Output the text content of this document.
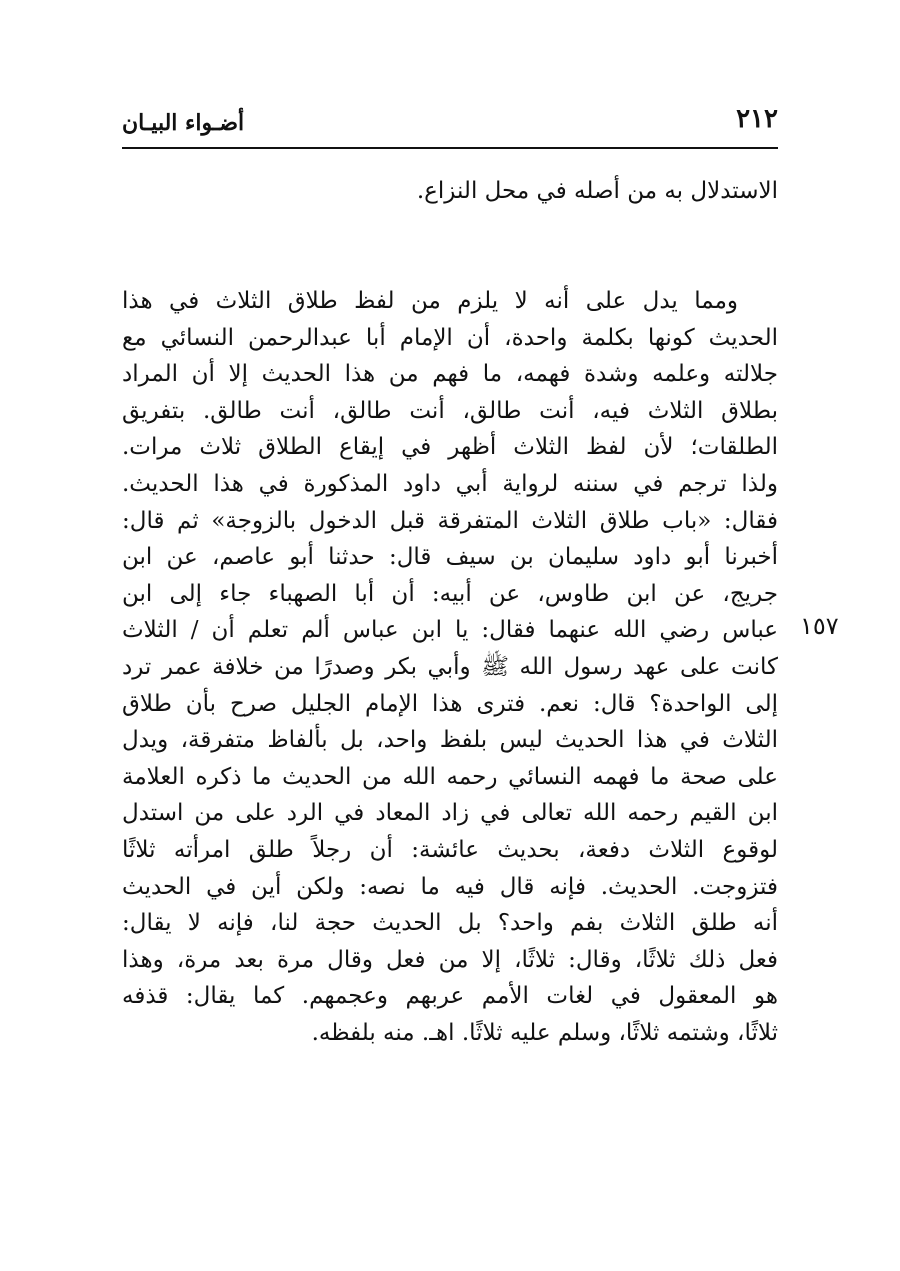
٢١٢
أضـواء البيـان
الاستدلال به من أصله في محل النزاع.
ومما يدل على أنه لا يلزم من لفظ طلاق الثلاث في هذا
الحديث كونها بكلمة واحدة، أن الإمام أبا عبدالرحمن النسائي مع
جلالته وعلمه وشدة فهمه، ما فهم من هذا الحديث إلا أن المراد
بطلاق الثلاث فيه، أنت طالق، أنت طالق، أنت طالق. بتفريق
الطلقات؛ لأن لفظ الثلاث أظهر في إيقاع الطلاق ثلاث مرات.
ولذا ترجم في سننه لرواية أبي داود المذكورة في هذا الحديث.
فقال: «باب طلاق الثلاث المتفرقة قبل الدخول بالزوجة» ثم قال:
أخبرنا أبو داود سليمان بن سيف قال: حدثنا أبو عاصم، عن ابن
جريج، عن ابن طاوس، عن أبيه: أن أبا الصهباء جاء إلى ابن
عباس رضي الله عنهما فقال: يا ابن عباس ألم تعلم أن / الثلاث
كانت على عهد رسول الله ﷺ وأبي بكر وصدرًا من خلافة عمر ترد
إلى الواحدة؟ قال: نعم. فترى هذا الإمام الجليل صرح بأن طلاق
الثلاث في هذا الحديث ليس بلفظ واحد، بل بألفاظ متفرقة، ويدل
على صحة ما فهمه النسائي رحمه الله من الحديث ما ذكره العلامة
ابن القيم رحمه الله تعالى في زاد المعاد في الرد على من استدل
لوقوع الثلاث دفعة، بحديث عائشة: أن رجلاً طلق امرأته ثلاثًا
فتزوجت. الحديث. فإنه قال فيه ما نصه: ولكن أين في الحديث
أنه طلق الثلاث بفم واحد؟ بل الحديث حجة لنا، فإنه لا يقال:
فعل ذلك ثلاثًا، وقال: ثلاثًا، إلا من فعل وقال مرة بعد مرة، وهذا
هو المعقول في لغات الأمم عربهم وعجمهم. كما يقال: قذفه
ثلاثًا، وشتمه ثلاثًا، وسلم عليه ثلاثًا. اهـ. منه بلفظه.
١٥٧
